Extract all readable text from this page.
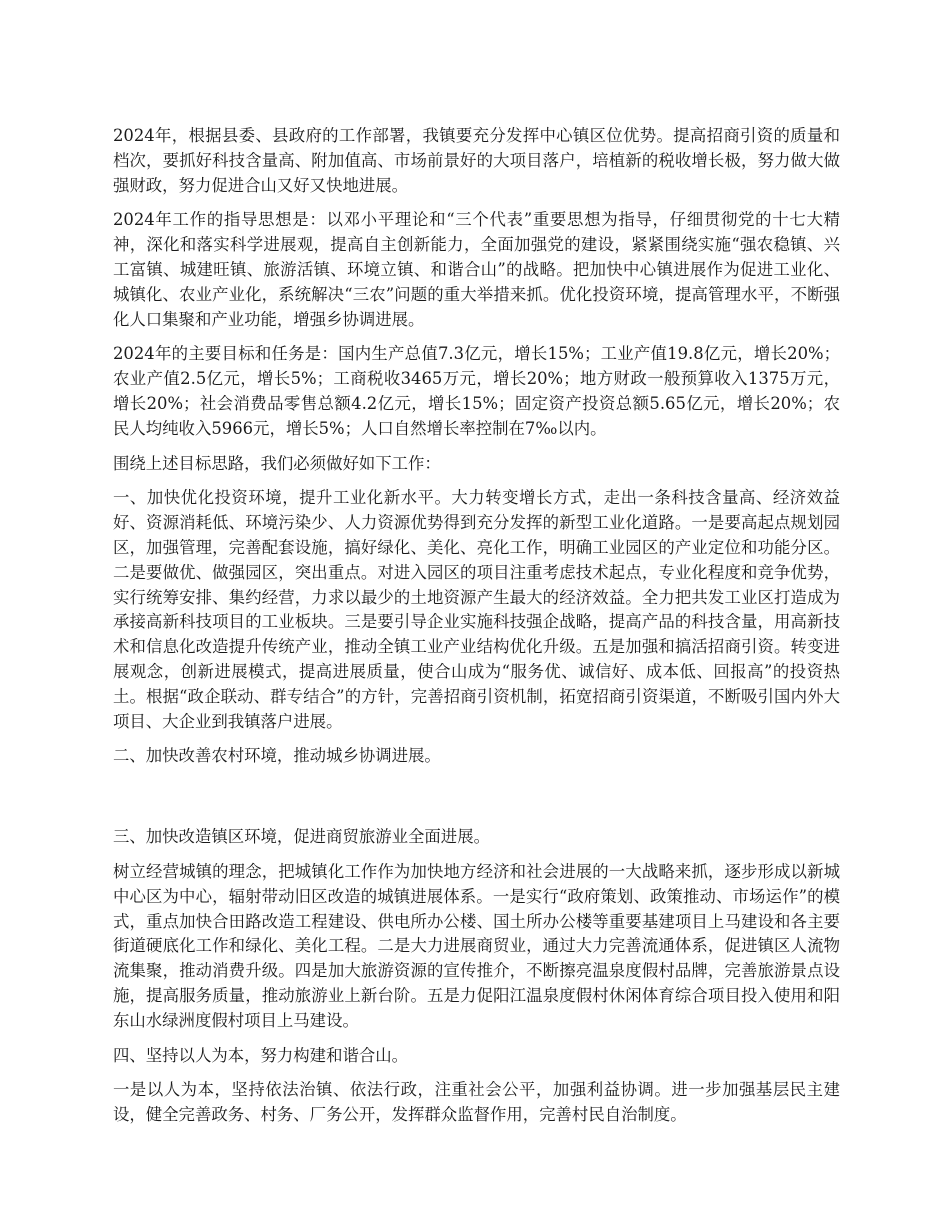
2024年，根据县委、县政府的工作部署，我镇要充分发挥中心镇区位优势。提高招商引资的质量和档次，要抓好科技含量高、附加值高、市场前景好的大项目落户，培植新的税收增长极，努力做大做强财政，努力促进合山又好又快地进展。

2024年工作的指导思想是：以邓小平理论和“三个代表”重要思想为指导，仔细贯彻党的十七大精神，深化和落实科学进展观，提高自主创新能力，全面加强党的建设，紧紧围绕实施“强农稳镇、兴工富镇、城建旺镇、旅游活镇、环境立镇、和谐合山”的战略。把加快中心镇进展作为促进工业化、城镇化、农业产业化，系统解决“三农”问题的重大举措来抓。优化投资环境，提高管理水平，不断强化人口集聚和产业功能，增强乡协调进展。

2024年的主要目标和任务是：国内生产总值7.3亿元，增长15%；工业产值19.8亿元，增长20%；农业产值2.5亿元，增长5%；工商税收3465万元，增长20%；地方财政一般预算收入1375万元，增长20%；社会消费品零售总额4.2亿元，增长15%；固定资产投资总额5.65亿元，增长20%；农民人均纯收入5966元，增长5%；人口自然增长率控制在7‰以内。

围绕上述目标思路，我们必须做好如下工作：

一、加快优化投资环境，提升工业化新水平。大力转变增长方式，走出一条科技含量高、经济效益好、资源消耗低、环境污染少、人力资源优势得到充分发挥的新型工业化道路。一是要高起点规划园区，加强管理，完善配套设施，搞好绿化、美化、亮化工作，明确工业园区的产业定位和功能分区。二是要做优、做强园区，突出重点。对进入园区的项目注重考虑技术起点，专业化程度和竞争优势，实行统筹安排、集约经营，力求以最少的土地资源产生最大的经济效益。全力把共发工业区打造成为承接高新科技项目的工业板块。三是要引导企业实施科技强企战略，提高产品的科技含量，用高新技术和信息化改造提升传统产业，推动全镇工业产业结构优化升级。五是加强和搞活招商引资。转变进展观念，创新进展模式，提高进展质量，使合山成为“服务优、诚信好、成本低、回报高”的投资热土。根据“政企联动、群专结合”的方针，完善招商引资机制，拓宽招商引资渠道，不断吸引国内外大项目、大企业到我镇落户进展。

二、加快改善农村环境，推动城乡协调进展。

三、加快改造镇区环境，促进商贸旅游业全面进展。

树立经营城镇的理念，把城镇化工作作为加快地方经济和社会进展的一大战略来抓，逐步形成以新城中心区为中心，辐射带动旧区改造的城镇进展体系。一是实行“政府策划、政策推动、市场运作”的模式，重点加快合田路改造工程建设、供电所办公楼、国土所办公楼等重要基建项目上马建设和各主要街道硬底化工作和绿化、美化工程。二是大力进展商贸业，通过大力完善流通体系，促进镇区人流物流集聚，推动消费升级。四是加大旅游资源的宣传推介，不断擦亮温泉度假村品牌，完善旅游景点设施，提高服务质量，推动旅游业上新台阶。五是力促阳江温泉度假村休闲体育综合项目投入使用和阳东山水绿洲度假村项目上马建设。

四、坚持以人为本，努力构建和谐合山。

一是以人为本，坚持依法治镇、依法行政，注重社会公平，加强利益协调。进一步加强基层民主建设，健全完善政务、村务、厂务公开，发挥群众监督作用，完善村民自治制度。
